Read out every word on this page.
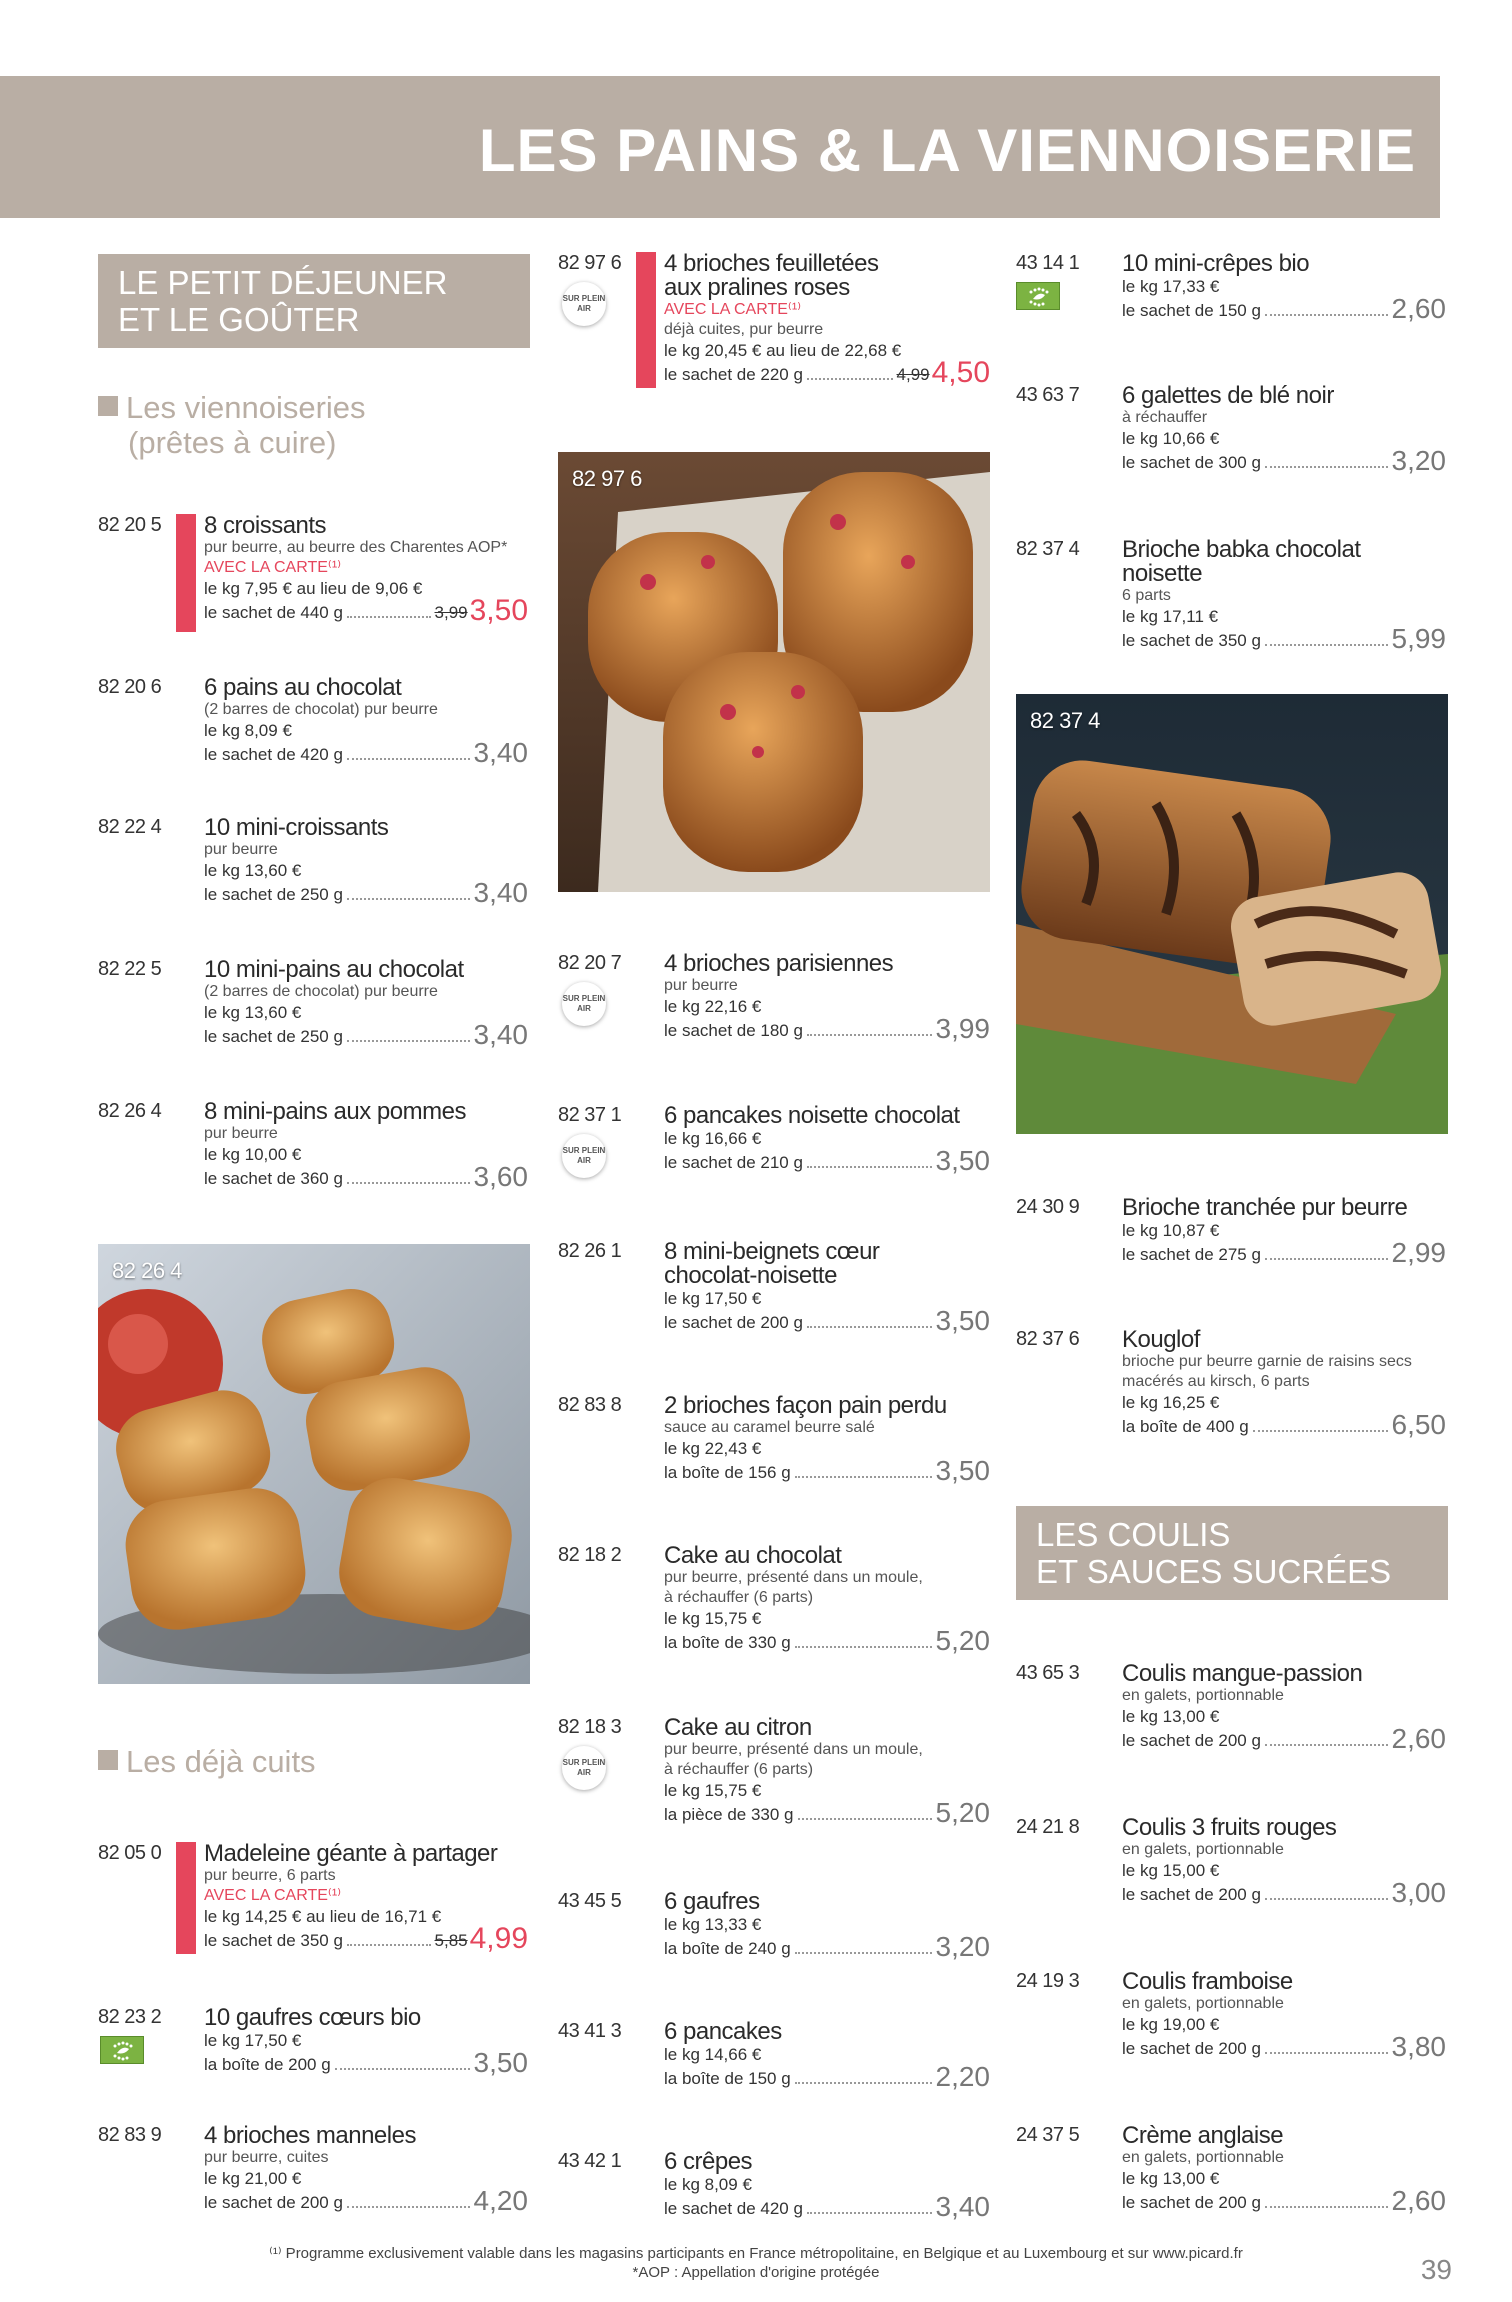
LES PAINS & LA VIENNOISERIE
LE PETIT DÉJEUNER
ET LE GOÛTER
Les viennoiseries
(prêtes à cuire)
82 20 5 8 croissants
pur beurre, au beurre des Charentes AOP*
AVEC LA CARTE⁽¹⁾
le kg 7,95 € au lieu de 9,06 €
le sachet de 440 g	3,99 3,50
82 20 6 6 pains au chocolat
(2 barres de chocolat) pur beurre
le kg 8,09 €
le sachet de 420 g	3,40
82 22 4 10 mini-croissants
pur beurre
le kg 13,60 €
le sachet de 250 g	3,40
82 22 5 10 mini-pains au chocolat
(2 barres de chocolat) pur beurre
le kg 13,60 €
le sachet de 250 g	3,40
82 26 4 8 mini-pains aux pommes
pur beurre
le kg 10,00 €
le sachet de 360 g	3,60
82 26 4
Les déjà cuits
82 05 0 Madeleine géante à partager
pur beurre, 6 parts
AVEC LA CARTE⁽¹⁾
le kg 14,25 € au lieu de 16,71 €
le sachet de 350 g	5,85 4,99
82 23 2 10 gaufres cœurs bio
le kg 17,50 €
la boîte de 200 g	3,50
82 83 9 4 brioches manneles
pur beurre, cuites
le kg 21,00 €
le sachet de 200 g	4,20
82 97 6
SUR PLEIN AIR
4 brioches feuilletées
aux pralines roses
AVEC LA CARTE⁽¹⁾
déjà cuites, pur beurre
le kg 20,45 € au lieu de 22,68 €
le sachet de 220 g	4,99 4,50
82 97 6
82 20 7
SUR PLEIN AIR
4 brioches parisiennes
pur beurre
le kg 22,16 €
le sachet de 180 g	3,99
82 37 1
SUR PLEIN AIR
6 pancakes noisette chocolat
le kg 16,66 €
le sachet de 210 g	3,50
82 26 1 8 mini-beignets cœur
chocolat-noisette
le kg 17,50 €
le sachet de 200 g	3,50
82 83 8 2 brioches façon pain perdu
sauce au caramel beurre salé
le kg 22,43 €
la boîte de 156 g	3,50
82 18 2 Cake au chocolat
pur beurre, présenté dans un moule,
à réchauffer (6 parts)
le kg 15,75 €
la boîte de 330 g	5,20
82 18 3
SUR PLEIN AIR
Cake au citron
pur beurre, présenté dans un moule,
à réchauffer (6 parts)
le kg 15,75 €
la pièce de 330 g	5,20
43 45 5 6 gaufres
le kg 13,33 €
la boîte de 240 g	3,20
43 41 3 6 pancakes
le kg 14,66 €
la boîte de 150 g	2,20
43 42 1 6 crêpes
le kg 8,09 €
le sachet de 420 g	3,40
43 14 1 10 mini-crêpes bio
le kg 17,33 €
le sachet de 150 g	2,60
43 63 7 6 galettes de blé noir
à réchauffer
le kg 10,66 €
le sachet de 300 g	3,20
82 37 4 Brioche babka chocolat noisette
6 parts
le kg 17,11 €
le sachet de 350 g	5,99
82 37 4
24 30 9 Brioche tranchée pur beurre
le kg 10,87 €
le sachet de 275 g	2,99
82 37 6 Kouglof
brioche pur beurre garnie de raisins secs
macérés au kirsch, 6 parts
le kg 16,25 €
la boîte de 400 g	6,50
LES COULIS
ET SAUCES SUCRÉES
43 65 3 Coulis mangue-passion
en galets, portionnable
le kg 13,00 €
le sachet de 200 g	2,60
24 21 8 Coulis 3 fruits rouges
en galets, portionnable
le kg 15,00 €
le sachet de 200 g	3,00
24 19 3 Coulis framboise
en galets, portionnable
le kg 19,00 €
le sachet de 200 g	3,80
24 37 5 Crème anglaise
en galets, portionnable
le kg 13,00 €
le sachet de 200 g	2,60
⁽¹⁾ Programme exclusivement valable dans les magasins participants en France métropolitaine, en Belgique et au Luxembourg et sur www.picard.fr
*AOP : Appellation d'origine protégée	39
